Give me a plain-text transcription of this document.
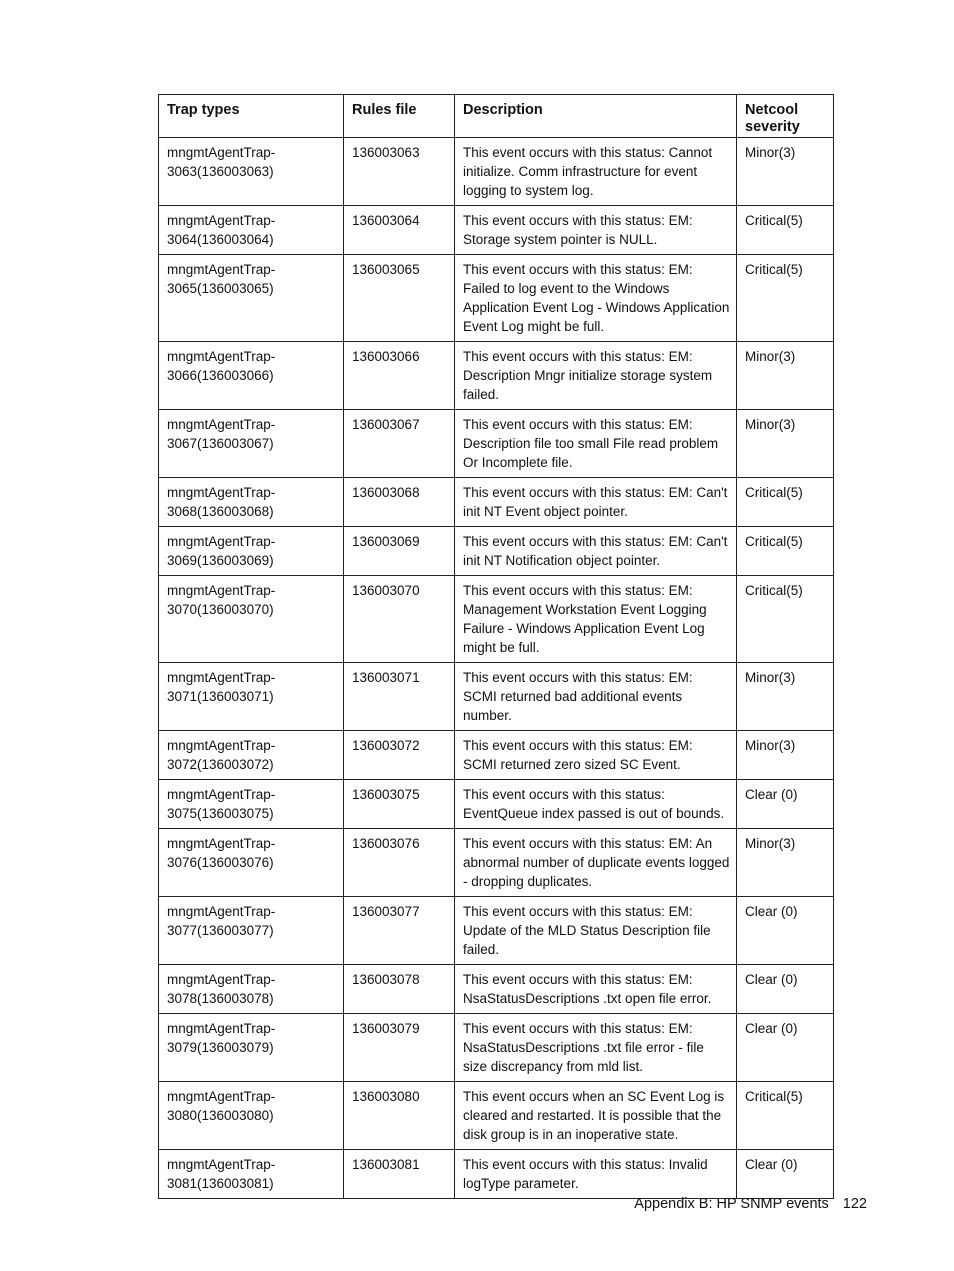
Trap types	Rules file	Description	Netcool severity
mngmtAgentTrap-3063(136003063)	136003063	This event occurs with this status: Cannot initialize. Comm infrastructure for event logging to system log.	Minor(3)
mngmtAgentTrap-3064(136003064)	136003064	This event occurs with this status: EM: Storage system pointer is NULL.	Critical(5)
mngmtAgentTrap-3065(136003065)	136003065	This event occurs with this status: EM: Failed to log event to the Windows Application Event Log - Windows Application Event Log might be full.	Critical(5)
mngmtAgentTrap-3066(136003066)	136003066	This event occurs with this status: EM: Description Mngr initialize storage system failed.	Minor(3)
mngmtAgentTrap-3067(136003067)	136003067	This event occurs with this status: EM: Description file too small File read problem Or Incomplete file.	Minor(3)
mngmtAgentTrap-3068(136003068)	136003068	This event occurs with this status: EM: Can't init NT Event object pointer.	Critical(5)
mngmtAgentTrap-3069(136003069)	136003069	This event occurs with this status: EM: Can't init NT Notification object pointer.	Critical(5)
mngmtAgentTrap-3070(136003070)	136003070	This event occurs with this status: EM: Management Workstation Event Logging Failure - Windows Application Event Log might be full.	Critical(5)
mngmtAgentTrap-3071(136003071)	136003071	This event occurs with this status: EM: SCMI returned bad additional events number.	Minor(3)
mngmtAgentTrap-3072(136003072)	136003072	This event occurs with this status: EM: SCMI returned zero sized SC Event.	Minor(3)
mngmtAgentTrap-3075(136003075)	136003075	This event occurs with this status: EventQueue index passed is out of bounds.	Clear (0)
mngmtAgentTrap-3076(136003076)	136003076	This event occurs with this status: EM: An abnormal number of duplicate events logged - dropping duplicates.	Minor(3)
mngmtAgentTrap-3077(136003077)	136003077	This event occurs with this status: EM: Update of the MLD Status Description file failed.	Clear (0)
mngmtAgentTrap-3078(136003078)	136003078	This event occurs with this status: EM: NsaStatusDescriptions .txt open file error.	Clear (0)
mngmtAgentTrap-3079(136003079)	136003079	This event occurs with this status: EM: NsaStatusDescriptions .txt file error - file size discrepancy from mld list.	Clear (0)
mngmtAgentTrap-3080(136003080)	136003080	This event occurs when an SC Event Log is cleared and restarted. It is possible that the disk group is in an inoperative state.	Critical(5)
mngmtAgentTrap-3081(136003081)	136003081	This event occurs with this status: Invalid logType parameter.	Clear (0)
Appendix B: HP SNMP events 122
